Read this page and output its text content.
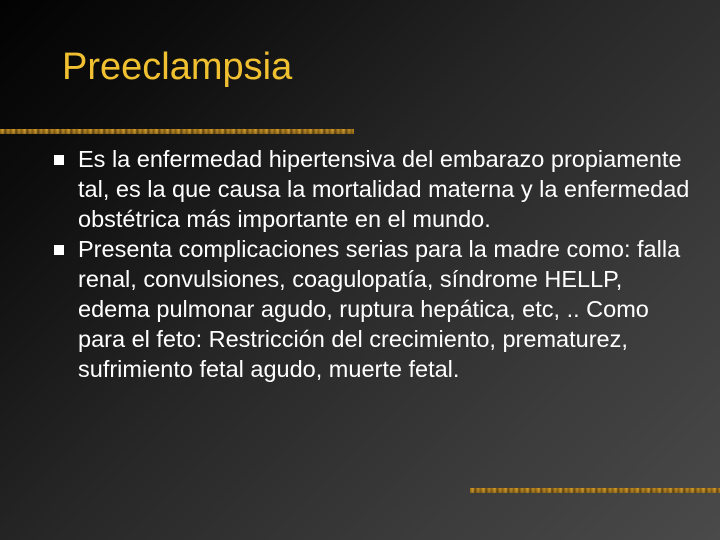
Preeclampsia
Es la enfermedad hipertensiva del embarazo propiamente tal, es la que causa la mortalidad materna y la enfermedad obstétrica más importante en el mundo.
Presenta complicaciones serias para la madre como: falla renal, convulsiones, coagulopatía, síndrome HELLP, edema pulmonar agudo, ruptura hepática, etc, .. Como para el feto: Restricción del crecimiento, prematurez, sufrimiento fetal agudo, muerte fetal.
